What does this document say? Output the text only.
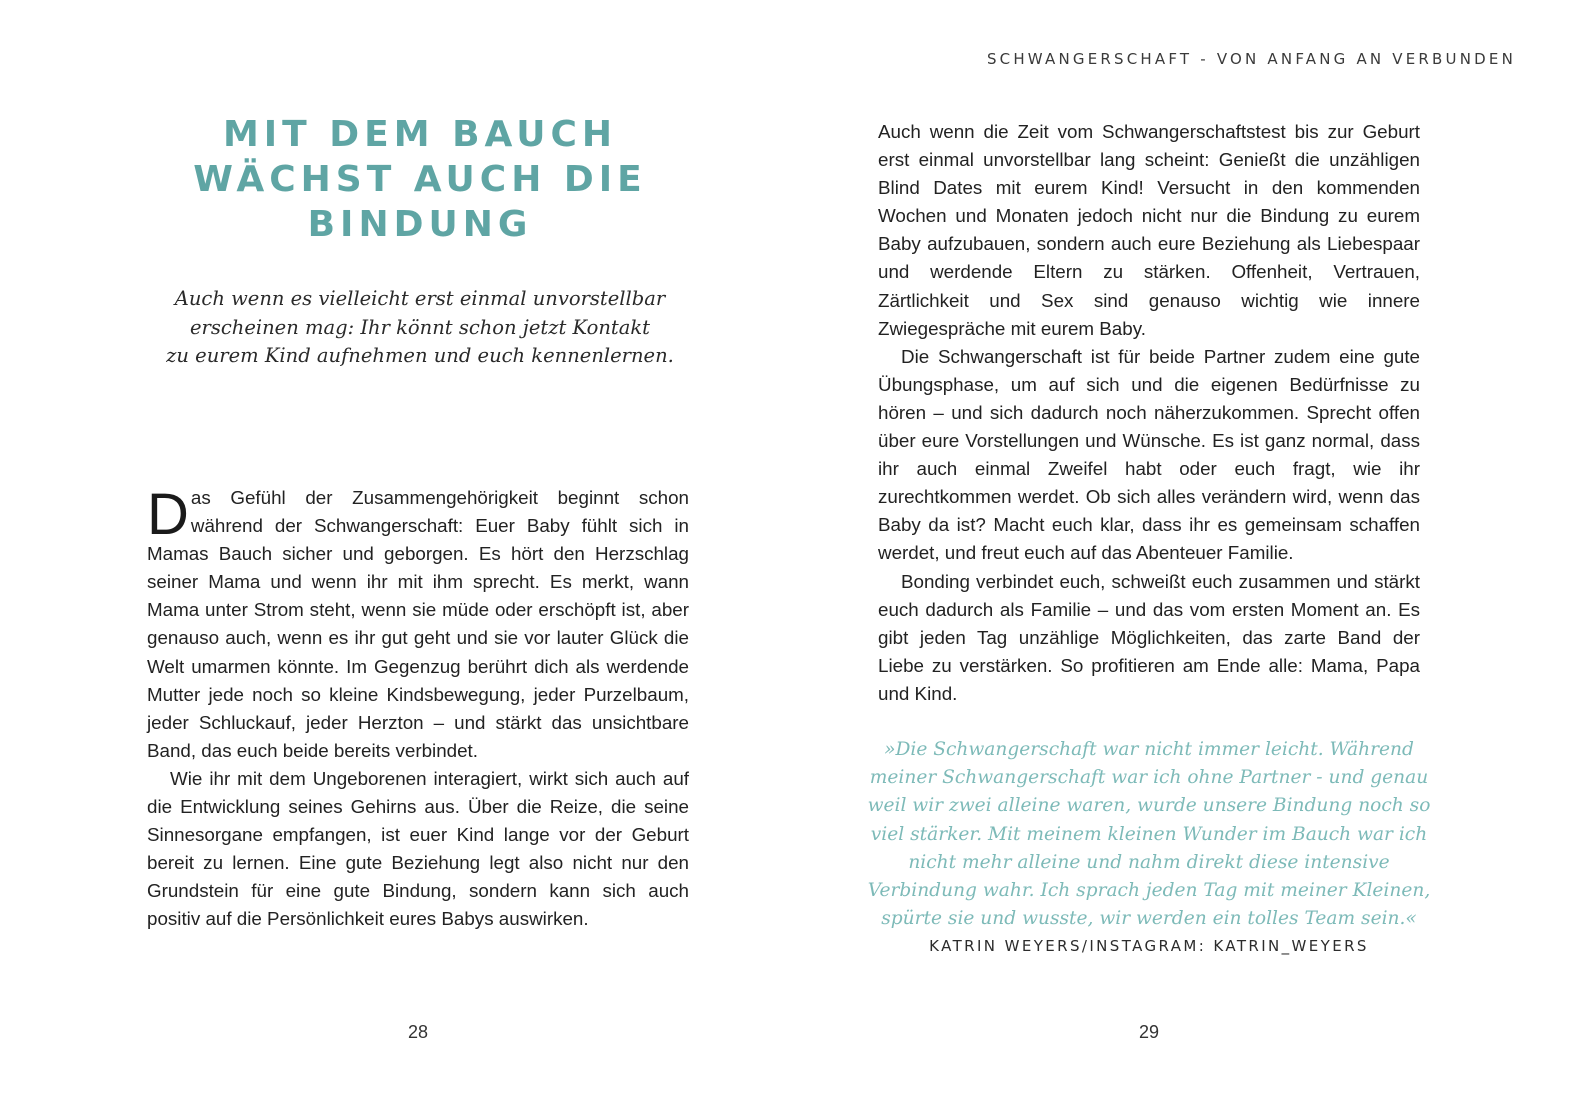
MIT DEM BAUCH
WÄCHST AUCH DIE
BINDUNG

Auch wenn es vielleicht erst einmal unvorstellbar
erscheinen mag: Ihr könnt schon jetzt Kontakt
zu eurem Kind aufnehmen und euch kennenlernen.

Das Gefühl der Zusammengehörigkeit beginnt schon während der Schwangerschaft: Euer Baby fühlt sich in Mamas Bauch sicher und geborgen. Es hört den Herzschlag seiner Mama und wenn ihr mit ihm sprecht. Es merkt, wann Mama unter Strom steht, wenn sie müde oder erschöpft ist, aber genauso auch, wenn es ihr gut geht und sie vor lauter Glück die Welt umarmen könnte. Im Gegenzug berührt dich als werdende Mutter jede noch so kleine Kindsbewegung, jeder Purzelbaum, jeder Schluckauf, jeder Herzton – und stärkt das unsichtbare Band, das euch beide bereits verbindet.

Wie ihr mit dem Ungeborenen interagiert, wirkt sich auch auf die Entwicklung seines Gehirns aus. Über die Reize, die seine Sinnesorgane empfangen, ist euer Kind lange vor der Geburt bereit zu lernen. Eine gute Beziehung legt also nicht nur den Grundstein für eine gute Bindung, sondern kann sich auch positiv auf die Persönlichkeit eures Babys auswirken.

28
SCHWANGERSCHAFT - VON ANFANG AN VERBUNDEN

Auch wenn die Zeit vom Schwangerschaftstest bis zur Geburt erst einmal unvorstellbar lang scheint: Genießt die unzähligen Blind Dates mit eurem Kind! Versucht in den kommenden Wochen und Monaten jedoch nicht nur die Bindung zu eurem Baby aufzubauen, sondern auch eure Beziehung als Liebespaar und werdende Eltern zu stärken. Offenheit, Vertrauen, Zärtlichkeit und Sex sind genauso wichtig wie innere Zwiegespräche mit eurem Baby.

Die Schwangerschaft ist für beide Partner zudem eine gute Übungsphase, um auf sich und die eigenen Bedürfnisse zu hören – und sich dadurch noch näherzukommen. Sprecht offen über eure Vorstellungen und Wünsche. Es ist ganz normal, dass ihr auch einmal Zweifel habt oder euch fragt, wie ihr zurechtkommen werdet. Ob sich alles verändern wird, wenn das Baby da ist? Macht euch klar, dass ihr es gemeinsam schaffen werdet, und freut euch auf das Abenteuer Familie.

Bonding verbindet euch, schweißt euch zusammen und stärkt euch dadurch als Familie – und das vom ersten Moment an. Es gibt jeden Tag unzählige Möglichkeiten, das zarte Band der Liebe zu verstärken. So profitieren am Ende alle: Mama, Papa und Kind.

»Die Schwangerschaft war nicht immer leicht. Während
meiner Schwangerschaft war ich ohne Partner - und genau
weil wir zwei alleine waren, wurde unsere Bindung noch so
viel stärker. Mit meinem kleinen Wunder im Bauch war ich
nicht mehr alleine und nahm direkt diese intensive
Verbindung wahr. Ich sprach jeden Tag mit meiner Kleinen,
spürte sie und wusste, wir werden ein tolles Team sein.«
KATRIN WEYERS/INSTAGRAM: KATRIN_WEYERS
29
